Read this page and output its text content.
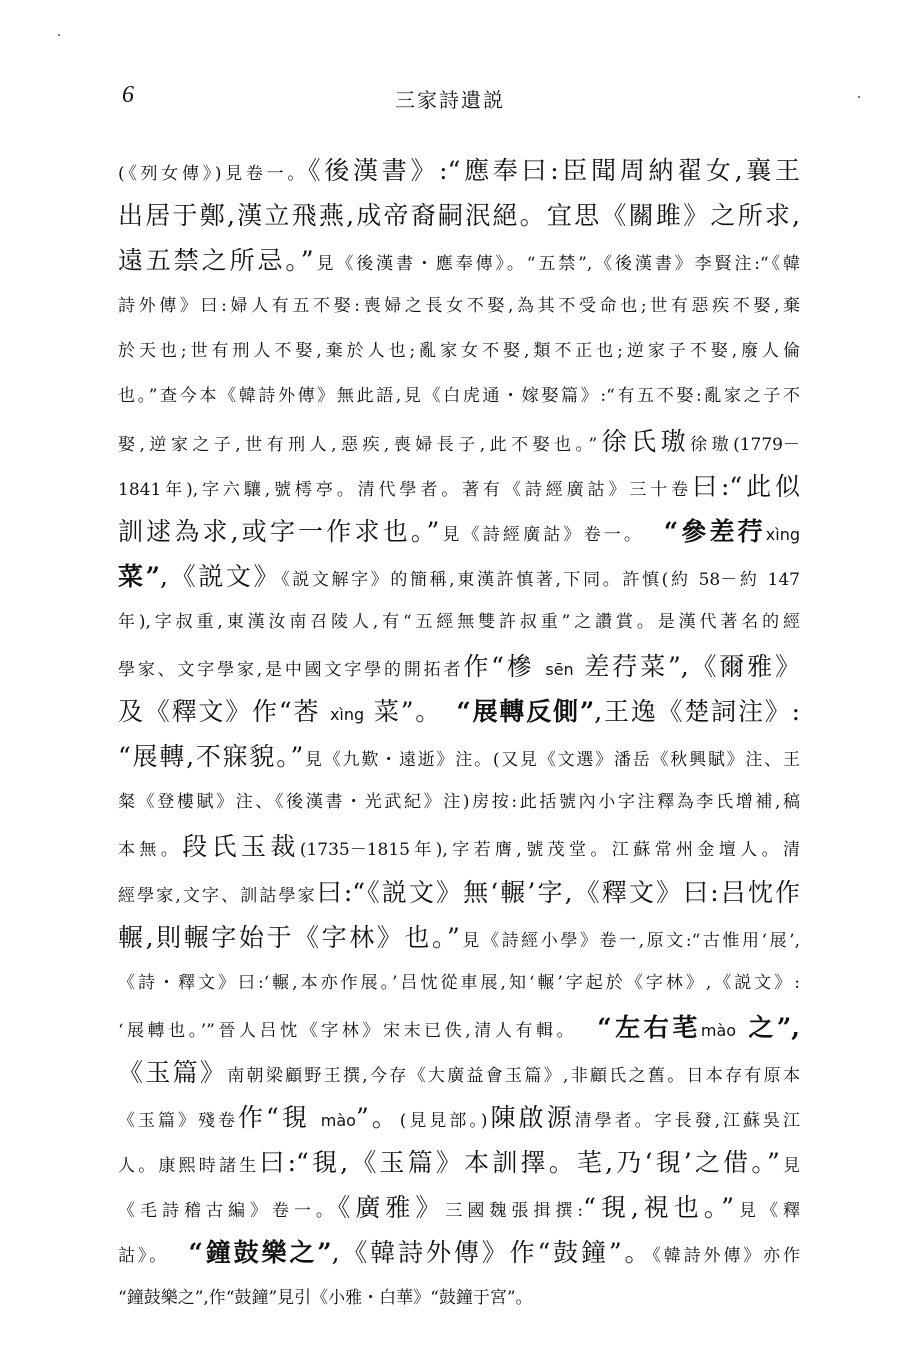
6	三家詩遺説
(《列女傳》)見卷一。《後漢書》:“應奉曰:臣聞周納翟女,襄王
出居于鄭,漢立飛燕,成帝裔嗣泯絕。宜思《關雎》之所求,
遠五禁之所忌。”見《後漢書・應奉傳》。“五禁”,《後漢書》李賢注:“《韓
詩外傳》曰:婦人有五不娶:喪婦之長女不娶,為其不受命也;世有惡疾不娶,棄
於天也;世有刑人不娶,棄於人也;亂家女不娶,類不正也;逆家子不娶,廢人倫
也。”查今本《韓詩外傳》無此語,見《白虎通・嫁娶篇》:“有五不娶:亂家之子不
娶,逆家之子,世有刑人,惡疾,喪婦長子,此不娶也。”徐氏璈徐璈(1779－
1841年),字六驤,號樗亭。清代學者。著有《詩經廣詁》三十卷曰:“此似
訓逑為求,或字一作求也。”見《詩經廣詁》卷一。　“參差荇xìng
菜”,《説文》《説文解字》的簡稱,東漢許慎著,下同。許慎(約 58－約 147
年),字叔重,東漢汝南召陵人,有“五經無雙許叔重”之讚賞。是漢代著名的經
學家、文字學家,是中國文字學的開拓者作“槮 sēn 差荇菜”,《爾雅》
及《釋文》作“莕 xìng 菜”。　“展轉反側”,王逸《楚詞注》:
“展轉,不寐貌。”見《九歎・遠逝》注。(又見《文選》潘岳《秋興賦》注、王
粲《登樓賦》注、《後漢書・光武紀》注)房按:此括號內小字注釋為李氏增補,稿
本無。段氏玉裁(1735－1815年),字若膺,號茂堂。江蘇常州金壇人。清
經學家,文字、訓詁學家曰:“《説文》無‘輾’字,《釋文》曰:吕忱作
輾,則輾字始于《字林》也。”見《詩經小學》卷一,原文:“古惟用‘展’,
《詩・釋文》曰:‘輾,本亦作展。’吕忱從車展,知‘輾’字起於《字林》,《説文》:
‘展轉也。’”晉人吕忱《字林》宋末已佚,清人有輯。　“左右芼mào 之”,
《玉篇》南朝梁顧野王撰,今存《大廣益會玉篇》,非顧氏之舊。日本存有原本
《玉篇》殘卷作“覒 mào”。(見見部。)陳啟源清學者。字長發,江蘇吳江
人。康熙時諸生曰:“覒,《玉篇》本訓擇。芼,乃‘覒’之借。”見
《毛詩稽古編》卷一。《廣雅》三國魏張揖撰:“覒,視也。”見《釋
詁》。　“鐘鼓樂之”,《韓詩外傳》作“鼓鐘”。《韓詩外傳》亦作
“鐘鼓樂之”,作“鼓鐘”見引《小雅・白華》“鼓鐘于宮”。
